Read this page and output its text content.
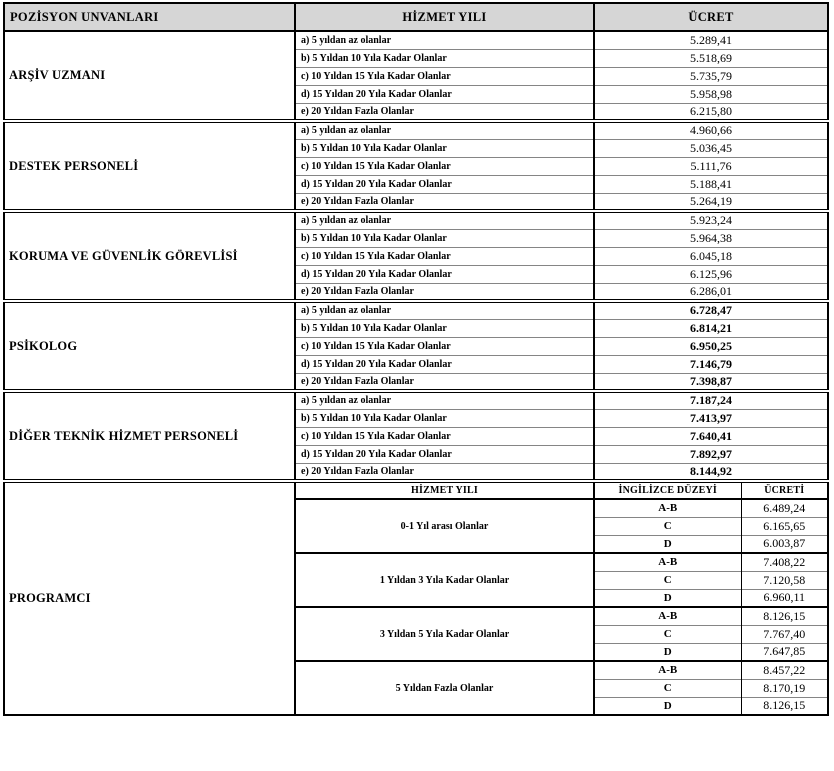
POZİSYON UNVANLARI	HİZMET YILI	ÜCRET	
ARŞİV UZMANI	a) 5 yıldan az olanlar	5.289,41	
	b) 5 Yıldan 10 Yıla Kadar Olanlar	5.518,69	
	c) 10 Yıldan 15 Yıla Kadar Olanlar	5.735,79	
	d) 15 Yıldan 20 Yıla Kadar Olanlar	5.958,98	
	e) 20 Yıldan Fazla Olanlar	6.215,80	
DESTEK PERSONELİ	a) 5 yıldan az olanlar	4.960,66	
	b) 5 Yıldan 10 Yıla Kadar Olanlar	5.036,45	
	c) 10 Yıldan 15 Yıla Kadar Olanlar	5.111,76	
	d) 15 Yıldan 20 Yıla Kadar Olanlar	5.188,41	
	e) 20 Yıldan Fazla Olanlar	5.264,19	
KORUMA VE GÜVENLİK GÖREVLİSİ	a) 5 yıldan az olanlar	5.923,24	
	b) 5 Yıldan 10 Yıla Kadar Olanlar	5.964,38	
	c) 10 Yıldan 15 Yıla Kadar Olanlar	6.045,18	
	d) 15 Yıldan 20 Yıla Kadar Olanlar	6.125,96	
	e) 20 Yıldan Fazla Olanlar	6.286,01	
PSİKOLOG	a) 5 yıldan az olanlar	6.728,47	
	b) 5 Yıldan 10 Yıla Kadar Olanlar	6.814,21	
	c) 10 Yıldan 15 Yıla Kadar Olanlar	6.950,25	
	d) 15 Yıldan 20 Yıla Kadar Olanlar	7.146,79	
	e) 20 Yıldan Fazla Olanlar	7.398,87	
DİĞER TEKNİK HİZMET PERSONELİ	a) 5 yıldan az olanlar	7.187,24	
	b) 5 Yıldan 10 Yıla Kadar Olanlar	7.413,97	
	c) 10 Yıldan 15 Yıla Kadar Olanlar	7.640,41	
	d) 15 Yıldan 20 Yıla Kadar Olanlar	7.892,97	
	e) 20 Yıldan Fazla Olanlar	8.144,92	
PROGRAMCI	HİZMET YILI	İNGİLİZCE DÜZEYİ	ÜCRETİ
	0-1 Yıl arası Olanlar	A-B	6.489,24
		C	6.165,65
		D	6.003,87
	1 Yıldan 3 Yıla Kadar Olanlar	A-B	7.408,22
		C	7.120,58
		D	6.960,11
	3 Yıldan 5 Yıla Kadar Olanlar	A-B	8.126,15
		C	7.767,40
		D	7.647,85
	5 Yıldan Fazla Olanlar	A-B	8.457,22
		C	8.170,19
		D	8.126,15
